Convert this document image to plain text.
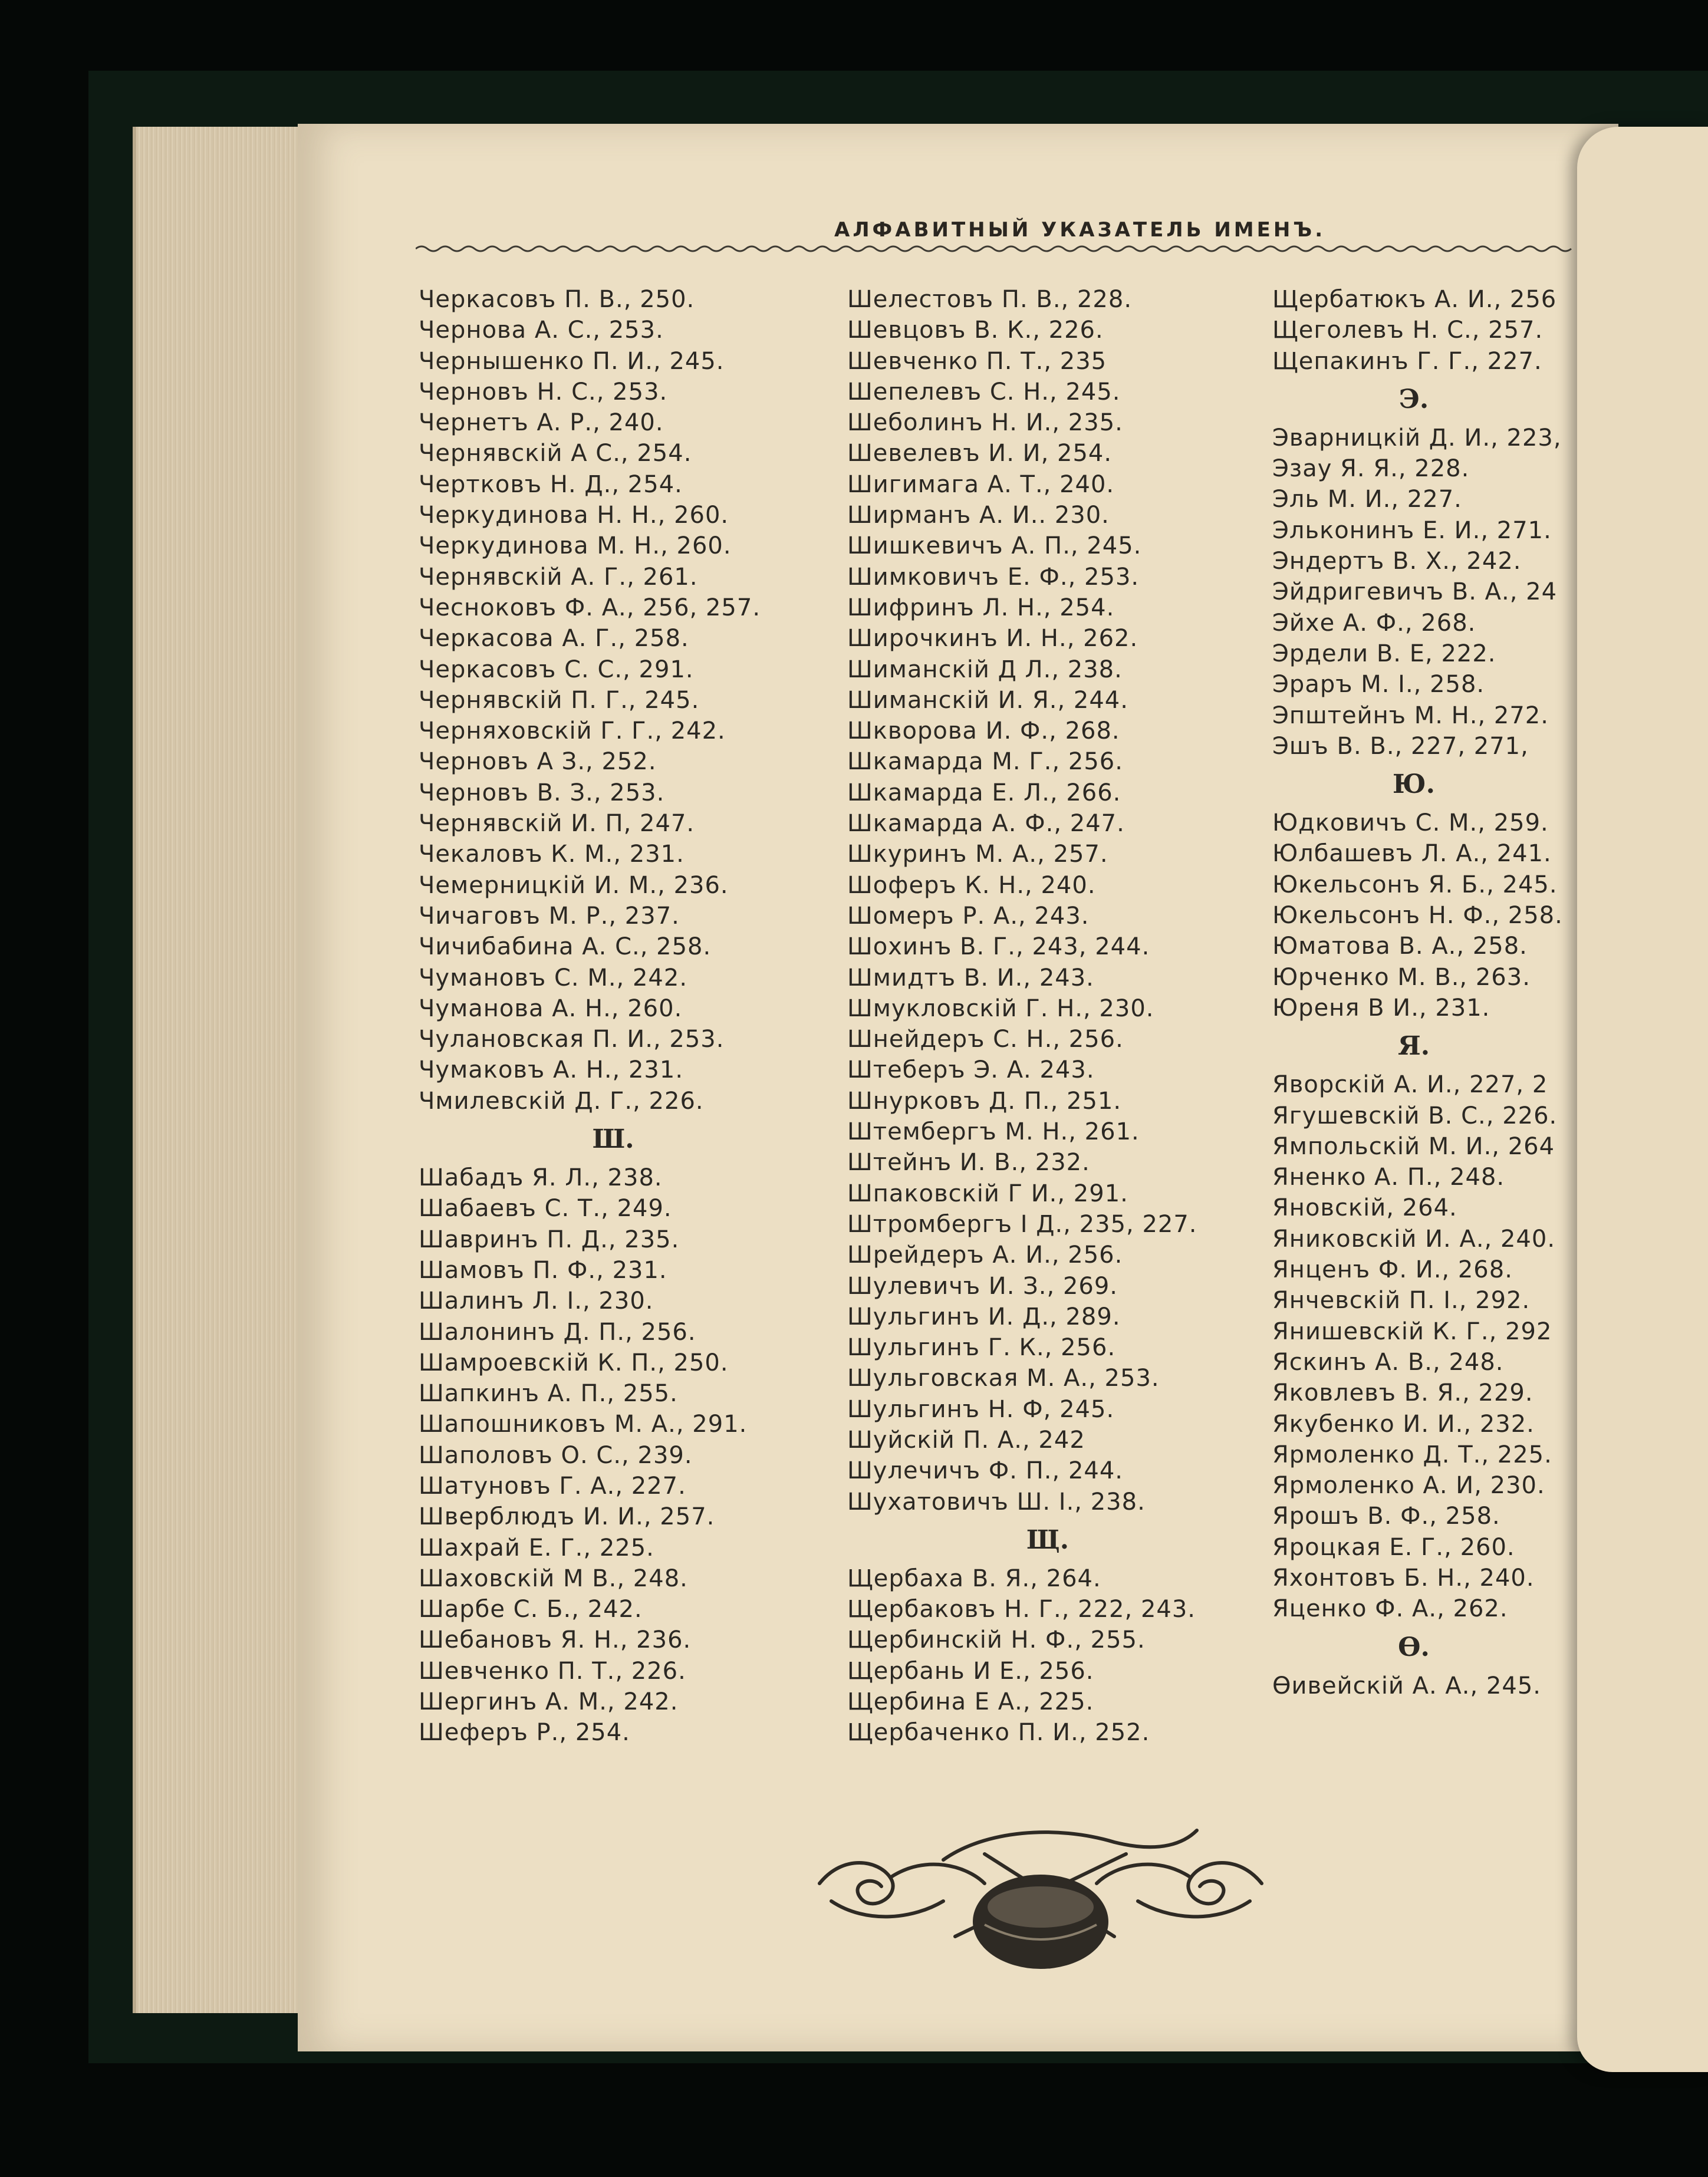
АЛФАВИТНЫЙ УКАЗАТЕЛЬ ИМЕНЪ.
Черкасовъ П. В., 250.
Чернова А. С., 253.
Чернышенко П. И., 245.
Черновъ Н. С., 253.
Чернетъ А. Р., 240.
Чернявскій А С., 254.
Чертковъ Н. Д., 254.
Черкудинова Н. Н., 260.
Черкудинова М. Н., 260.
Чернявскій А. Г., 261.
Чесноковъ Ф. А., 256, 257.
Черкасова А. Г., 258.
Черкасовъ С. С., 291.
Чернявскій П. Г., 245.
Черняховскій Г. Г., 242.
Черновъ А З., 252.
Черновъ В. З., 253.
Чернявскій И. П, 247.
Чекаловъ К. М., 231.
Чемерницкій И. М., 236.
Чичаговъ М. Р., 237.
Чичибабина А. С., 258.
Чумановъ С. М., 242.
Чуманова А. Н., 260.
Чулановская П. И., 253.
Чумаковъ А. Н., 231.
Чмилевскій Д. Г., 226.
Ш.
Шабадъ Я. Л., 238.
Шабаевъ С. Т., 249.
Шавринъ П. Д., 235.
Шамовъ П. Ф., 231.
Шалинъ Л. І., 230.
Шалонинъ Д. П., 256.
Шамроевскій К. П., 250.
Шапкинъ А. П., 255.
Шапошниковъ М. А., 291.
Шаполовъ О. С., 239.
Шатуновъ Г. А., 227.
Шверблюдъ И. И., 257.
Шахрай Е. Г., 225.
Шаховскій М В., 248.
Шарбе С. Б., 242.
Шебановъ Я. Н., 236.
Шевченко П. Т., 226.
Шергинъ А. М., 242.
Шеферъ Р., 254.
Шелестовъ П. В., 228.
Шевцовъ В. К., 226.
Шевченко П. Т., 235
Шепелевъ С. Н., 245.
Шеболинъ Н. И., 235.
Шевелевъ И. И, 254.
Шигимага А. Т., 240.
Ширманъ А. И.. 230.
Шишкевичъ А. П., 245.
Шимковичъ Е. Ф., 253.
Шифринъ Л. Н., 254.
Широчкинъ И. Н., 262.
Шиманскій Д Л., 238.
Шиманскій И. Я., 244.
Шкворова И. Ф., 268.
Шкамарда М. Г., 256.
Шкамарда Е. Л., 266.
Шкамарда А. Ф., 247.
Шкуринъ М. А., 257.
Шоферъ К. Н., 240.
Шомеръ Р. А., 243.
Шохинъ В. Г., 243, 244.
Шмидтъ В. И., 243.
Шмукловскій Г. Н., 230.
Шнейдеръ С. Н., 256.
Штеберъ Э. А. 243.
Шнурковъ Д. П., 251.
Штембергъ М. Н., 261.
Штейнъ И. В., 232.
Шпаковскій Г И., 291.
Штромбергъ І Д., 235, 227.
Шрейдеръ А. И., 256.
Шулевичъ И. З., 269.
Шульгинъ И. Д., 289.
Шульгинъ Г. К., 256.
Шульговская М. А., 253.
Шульгинъ Н. Ф, 245.
Шуйскій П. А., 242
Шулечичъ Ф. П., 244.
Шухатовичъ Ш. І., 238.
Щ.
Щербаха В. Я., 264.
Щербаковъ Н. Г., 222, 243.
Щербинскій Н. Ф., 255.
Щербань И Е., 256.
Щербина Е А., 225.
Щербаченко П. И., 252.
Щербатюкъ А. И., 256
Щеголевъ Н. С., 257.
Щепакинъ Г. Г., 227.
Э.
Эварницкій Д. И., 223,
Эзау Я. Я., 228.
Эль М. И., 227.
Эльконинъ Е. И., 271.
Эндертъ В. Х., 242.
Эйдригевичъ В. А., 24
Эйхе А. Ф., 268.
Эрдели В. Е, 222.
Эраръ М. І., 258.
Эпштейнъ М. Н., 272.
Эшъ В. В., 227, 271,
Ю.
Юдковичъ С. М., 259.
Юлбашевъ Л. А., 241.
Юкельсонъ Я. Б., 245.
Юкельсонъ Н. Ф., 258.
Юматова В. А., 258.
Юрченко М. В., 263.
Юреня В И., 231.
Я.
Яворскій А. И., 227, 2
Ягушевскій В. С., 226.
Ямпольскій М. И., 264
Яненко А. П., 248.
Яновскій, 264.
Яниковскій И. А., 240.
Янценъ Ф. И., 268.
Янчевскій П. І., 292.
Янишевскій К. Г., 292
Яскинъ А. В., 248.
Яковлевъ В. Я., 229.
Якубенко И. И., 232.
Ярмоленко Д. Т., 225.
Ярмоленко А. И, 230.
Ярошъ В. Ф., 258.
Яроцкая Е. Г., 260.
Яхонтовъ Б. Н., 240.
Яценко Ф. А., 262.
Ѳ.
Ѳивейскій А. А., 245.
